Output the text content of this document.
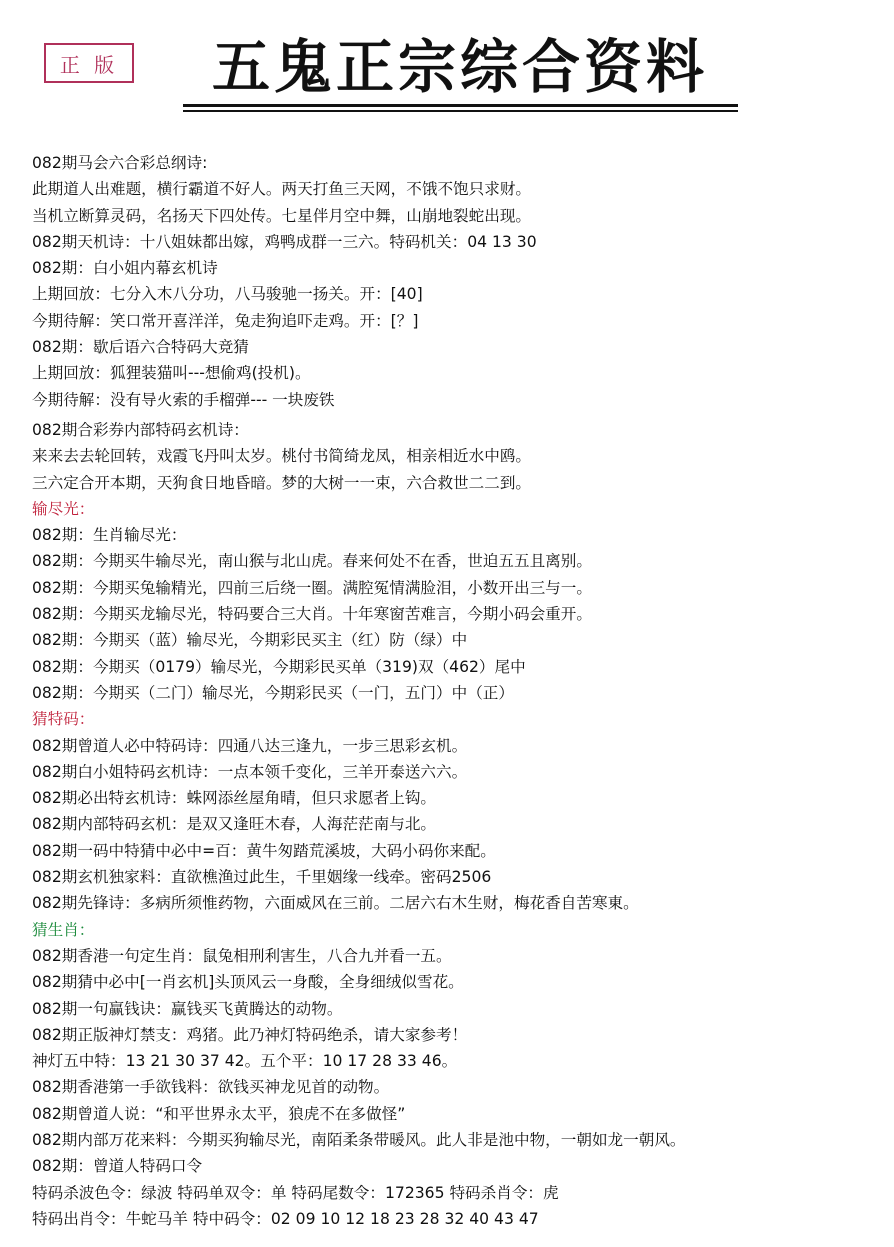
正 版	五鬼正宗综合资料
082期马会六合彩总纲诗:
此期道人出难题，横行霸道不好人。两天打鱼三天网，不饿不饱只求财。
当机立断算灵码，名扬天下四处传。七星伴月空中舞，山崩地裂蛇出现。
082期天机诗：十八姐妹都出嫁，鸡鸭成群一三六。特码机关：04 13 30
082期：白小姐内幕玄机诗
上期回放：七分入木八分功，八马骏驰一扬关。开：[40]
今期待解：笑口常开喜洋洋，兔走狗追吓走鸡。开：[？]
082期：歇后语六合特码大竞猜
上期回放：狐狸装猫叫---想偷鸡(投机)。
今期待解：没有导火索的手榴弹--- 一块废铁
082期合彩券内部特码玄机诗：
来来去去轮回转，戏霞飞丹叫太岁。桃付书简绮龙凤，相亲相近水中鸥。
三六定合开本期，天狗食日地昏暗。梦的大树一一束，六合救世二二到。
输尽光：
082期：生肖输尽光：
082期：今期买牛输尽光，南山猴与北山虎。春来何处不在香，世迫五五且离别。
082期：今期买兔输精光，四前三后绕一圈。满腔冤情满脸泪，小数开出三与一。
082期：今期买龙输尽光，特码要合三大肖。十年寒窗苦难言，今期小码会重开。
082期：今期买（蓝）输尽光，今期彩民买主（红）防（绿）中
082期：今期买（0179）输尽光，今期彩民买单（319)双（462）尾中
082期：今期买（二门）输尽光，今期彩民买（一门，五门）中（正）
猜特码：
082期曾道人必中特码诗：四通八达三逢九，一步三思彩玄机。
082期白小姐特码玄机诗：一点本领千变化，三羊开泰送六六。
082期必出特玄机诗：蛛网添丝屋角晴，但只求愿者上钩。
082期内部特码玄机：是双又逢旺木春，人海茫茫南与北。
082期一码中特猜中必中=百：黄牛匆踏荒溪坡，大码小码你来配。
082期玄机独家料：直欲樵渔过此生，千里姻缘一线牵。密码2506
082期先锋诗：多病所须惟药物，六面威风在三前。二居六右木生财，梅花香自苦寒東。
猜生肖：
082期香港一句定生肖：鼠兔相刑利害生，八合九并看一五。
082期猜中必中[一肖玄机]头顶风云一身酸，全身细绒似雪花。
082期一句赢钱诀：赢钱买飞黄腾达的动物。
082期正版神灯禁支：鸡猪。此乃神灯特码绝杀，请大家参考！
神灯五中特：13 21 30 37 42。五个平：10 17 28 33 46。
082期香港第一手欲钱料：欲钱买神龙见首的动物。
082期曾道人说：“和平世界永太平，狼虎不在多做怪”
082期内部万花来料：今期买狗输尽光，南陌柔条带暖风。此人非是池中物，一朝如龙一朝风。
082期：曾道人特码口令
特码杀波色令：绿波 特码单双令：单 特码尾数令：172365 特码杀肖令：虎
特码出肖令：牛蛇马羊 特中码令：02 09 10 12 18 23 28 32 40 43 47
